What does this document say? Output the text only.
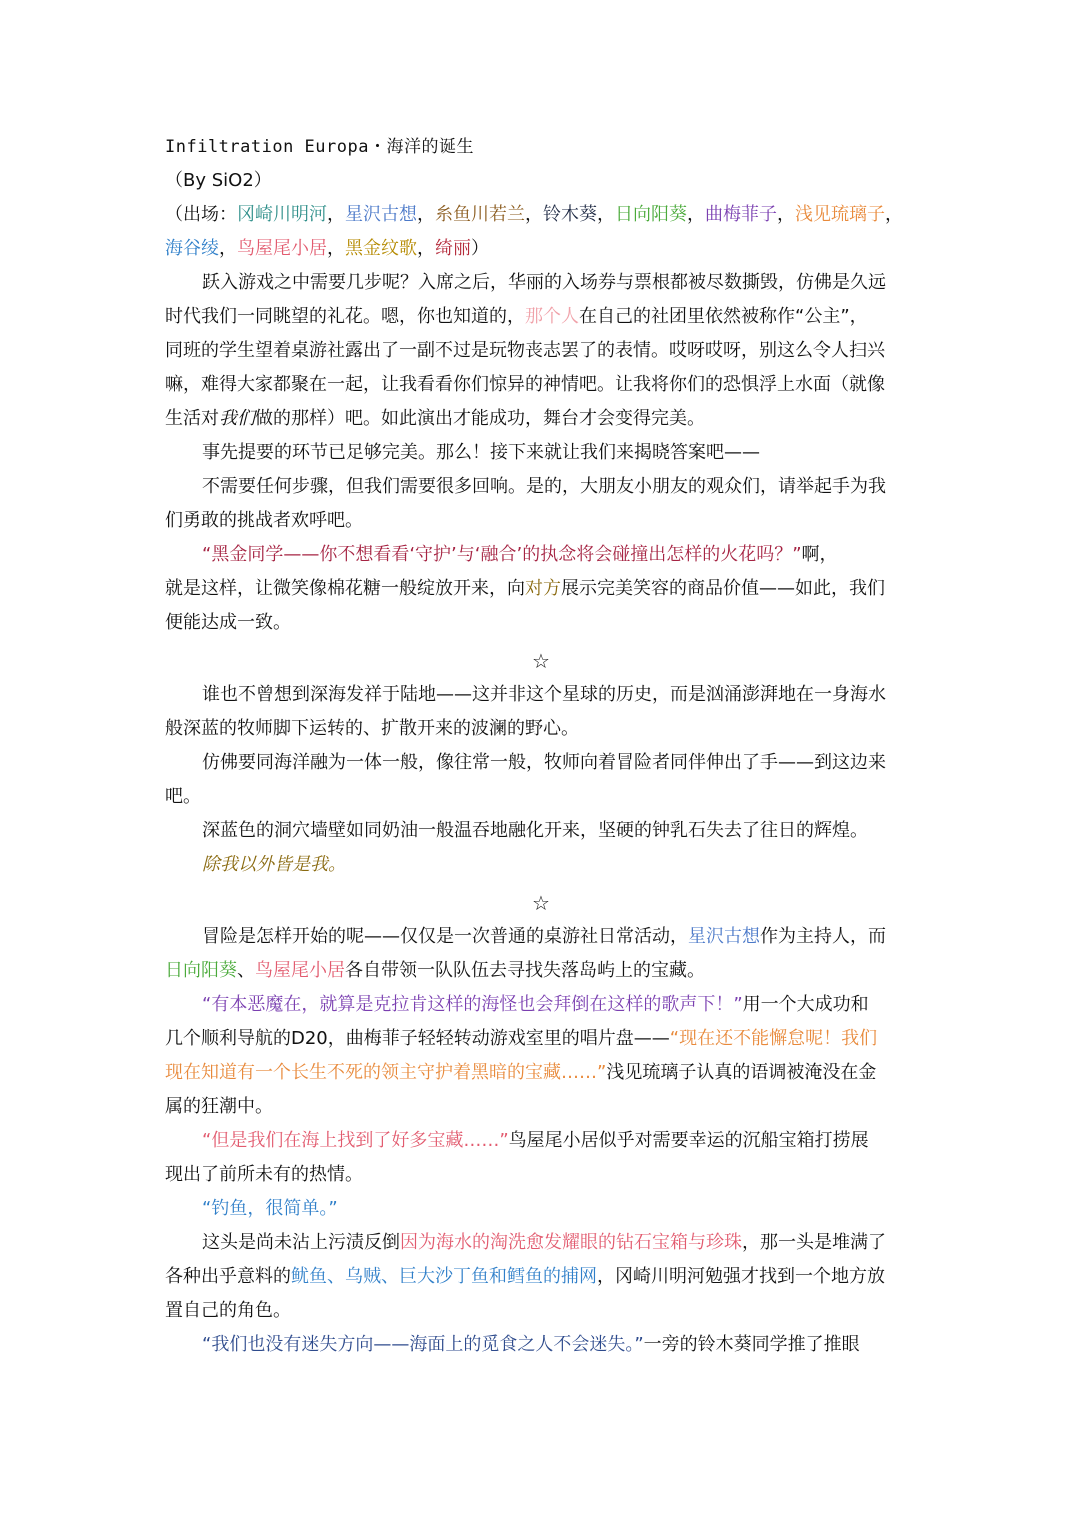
Infiltration Europa・海洋的诞生
（By SiO2）
（出场：冈崎川明河，星沢古想，糸鱼川若兰，铃木葵，日向阳葵，曲梅菲子，浅见琉璃子，
海谷绫，鸟屋尾小居，黑金纹歌，绮丽）
跃入游戏之中需要几步呢？入席之后，华丽的入场券与票根都被尽数撕毁，仿佛是久远
时代我们一同眺望的礼花。嗯，你也知道的，那个人在自己的社团里依然被称作“公主”，
同班的学生望着桌游社露出了一副不过是玩物丧志罢了的表情。哎呀哎呀，别这么令人扫兴
嘛，难得大家都聚在一起，让我看看你们惊异的神情吧。让我将你们的恐惧浮上水面（就像
生活对我们做的那样）吧。如此演出才能成功，舞台才会变得完美。
事先提要的环节已足够完美。那么！接下来就让我们来揭晓答案吧——
不需要任何步骤，但我们需要很多回响。是的，大朋友小朋友的观众们，请举起手为我
们勇敢的挑战者欢呼吧。
“黑金同学——你不想看看‘守护’与‘融合’的执念将会碰撞出怎样的火花吗？”啊，
就是这样，让微笑像棉花糖一般绽放开来，向对方展示完美笑容的商品价值——如此，我们
便能达成一致。
☆
谁也不曾想到深海发祥于陆地——这并非这个星球的历史，而是汹涌澎湃地在一身海水
般深蓝的牧师脚下运转的、扩散开来的波澜的野心。
仿佛要同海洋融为一体一般，像往常一般，牧师向着冒险者同伴伸出了手——到这边来
吧。
深蓝色的洞穴墙壁如同奶油一般温吞地融化开来，坚硬的钟乳石失去了往日的辉煌。
除我以外皆是我。
☆
冒险是怎样开始的呢——仅仅是一次普通的桌游社日常活动，星沢古想作为主持人，而
日向阳葵、鸟屋尾小居各自带领一队队伍去寻找失落岛屿上的宝藏。
“有本恶魔在，就算是克拉肯这样的海怪也会拜倒在这样的歌声下！”用一个大成功和
几个顺利导航的D20，曲梅菲子轻轻转动游戏室里的唱片盘——“现在还不能懈怠呢！我们
现在知道有一个长生不死的领主守护着黑暗的宝藏……”浅见琉璃子认真的语调被淹没在金
属的狂潮中。
“但是我们在海上找到了好多宝藏……”鸟屋尾小居似乎对需要幸运的沉船宝箱打捞展
现出了前所未有的热情。
“钓鱼，很简单。”
这头是尚未沾上污渍反倒因为海水的淘洗愈发耀眼的钻石宝箱与珍珠，那一头是堆满了
各种出乎意料的鱿鱼、乌贼、巨大沙丁鱼和鳕鱼的捕网，冈崎川明河勉强才找到一个地方放
置自己的角色。
“我们也没有迷失方向——海面上的觅食之人不会迷失。”一旁的铃木葵同学推了推眼
